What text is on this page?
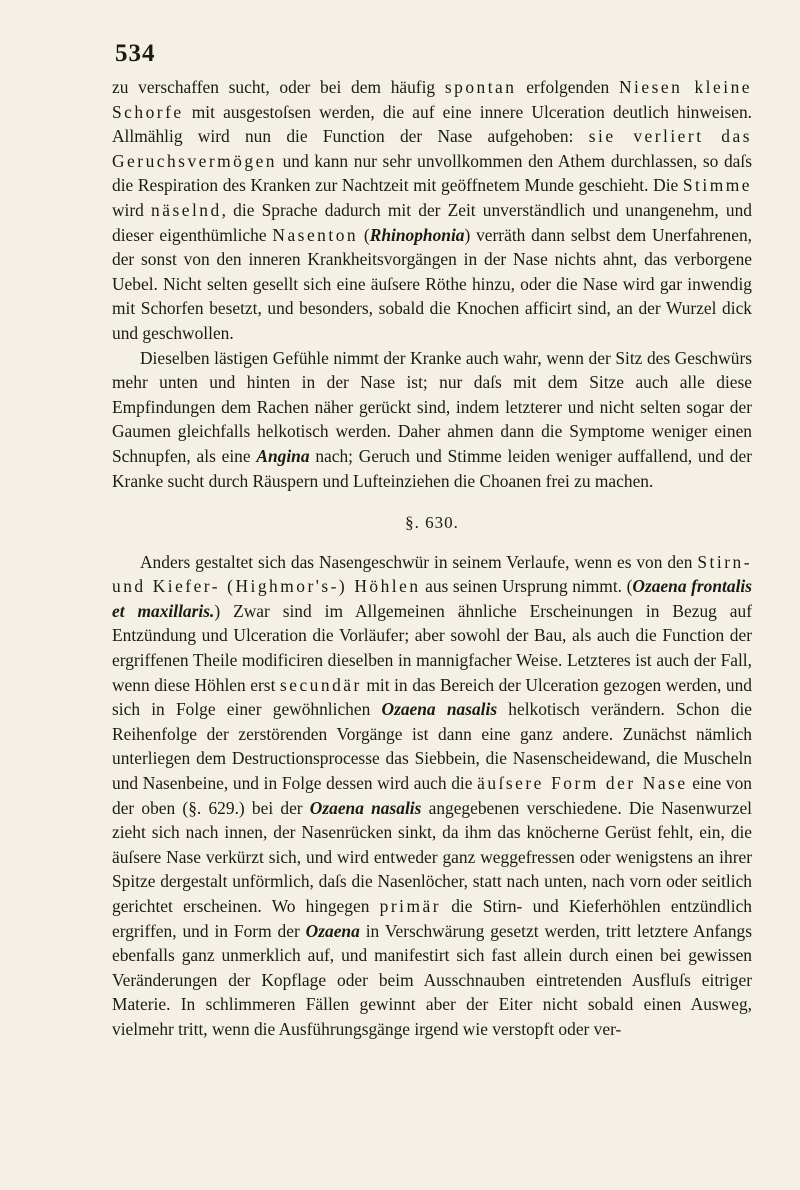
534

zu verschaffen sucht, oder bei dem häufig spontan erfolgenden Niesen kleine Schorfe mit ausgestoſsen werden, die auf eine innere Ulceration deutlich hinweisen. Allmählig wird nun die Function der Nase aufgehoben: sie verliert das Geruchsvermögen und kann nur sehr unvollkommen den Athem durchlassen, so daſs die Respiration des Kranken zur Nachtzeit mit geöffnetem Munde geschieht. Die Stimme wird näselnd, die Sprache dadurch mit der Zeit unverständlich und unangenehm, und dieser eigenthümliche Nasenton (Rhinophonia) verräth dann selbst dem Unerfahrenen, der sonst von den inneren Krankheitsvorgängen in der Nase nichts ahnt, das verborgene Uebel. Nicht selten gesellt sich eine äuſsere Röthe hinzu, oder die Nase wird gar inwendig mit Schorfen besetzt, und besonders, sobald die Knochen afficirt sind, an der Wurzel dick und geschwollen.

Dieselben lästigen Gefühle nimmt der Kranke auch wahr, wenn der Sitz des Geschwürs mehr unten und hinten in der Nase ist; nur daſs mit dem Sitze auch alle diese Empfindungen dem Rachen näher gerückt sind, indem letzterer und nicht selten sogar der Gaumen gleichfalls helkotisch werden. Daher ahmen dann die Symptome weniger einen Schnupfen, als eine Angina nach; Geruch und Stimme leiden weniger auffallend, und der Kranke sucht durch Räuspern und Lufteinziehen die Choanen frei zu machen.

§. 630.

Anders gestaltet sich das Nasengeschwür in seinem Verlaufe, wenn es von den Stirn- und Kiefer- (Highmor's-) Höhlen aus seinen Ursprung nimmt. (Ozaena frontalis et maxillaris.) Zwar sind im Allgemeinen ähnliche Erscheinungen in Bezug auf Entzündung und Ulceration die Vorläufer; aber sowohl der Bau, als auch die Function der ergriffenen Theile modificiren dieselben in mannigfacher Weise. Letzteres ist auch der Fall, wenn diese Höhlen erst secundär mit in das Bereich der Ulceration gezogen werden, und sich in Folge einer gewöhnlichen Ozaena nasalis helkotisch verändern. Schon die Reihenfolge der zerstörenden Vorgänge ist dann eine ganz andere. Zunächst nämlich unterliegen dem Destructionsprocesse das Siebbein, die Nasenscheidewand, die Muscheln und Nasenbeine, und in Folge dessen wird auch die äuſsere Form der Nase eine von der oben (§. 629.) bei der Ozaena nasalis angegebenen verschiedene. Die Nasenwurzel zieht sich nach innen, der Nasenrücken sinkt, da ihm das knöcherne Gerüst fehlt, ein, die äuſsere Nase verkürzt sich, und wird entweder ganz weggefressen oder wenigstens an ihrer Spitze dergestalt unförmlich, daſs die Nasenlöcher, statt nach unten, nach vorn oder seitlich gerichtet erscheinen. Wo hingegen primär die Stirn- und Kieferhöhlen entzündlich ergriffen, und in Form der Ozaena in Verschwärung gesetzt werden, tritt letztere Anfangs ebenfalls ganz unmerklich auf, und manifestirt sich fast allein durch einen bei gewissen Veränderungen der Kopflage oder beim Ausschnauben eintretenden Ausfluſs eitriger Materie. In schlimmeren Fällen gewinnt aber der Eiter nicht sobald einen Ausweg, vielmehr tritt, wenn die Ausführungsgänge irgend wie verstopft oder ver-
